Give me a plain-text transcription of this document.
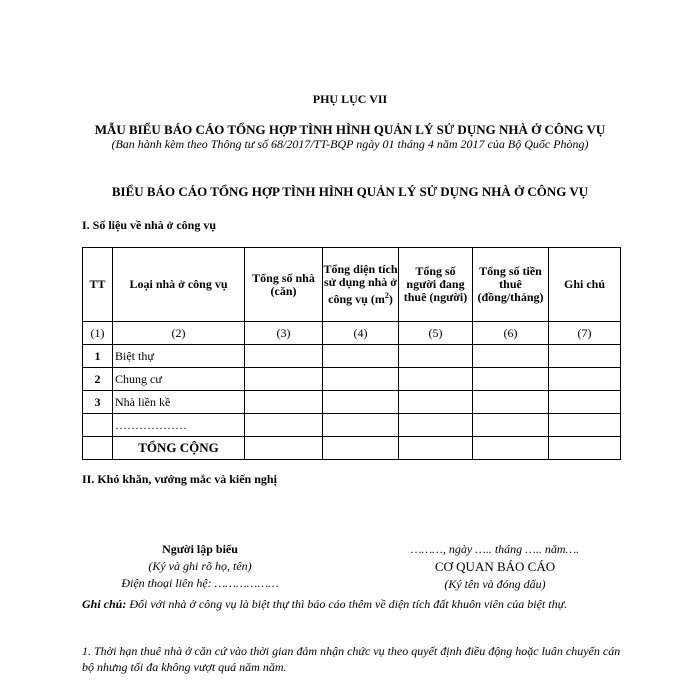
PHỤ LỤC VII
MẪU BIỂU BÁO CÁO TỔNG HỢP TÌNH HÌNH QUẢN LÝ SỬ DỤNG NHÀ Ở CÔNG VỤ
(Ban hành kèm theo Thông tư số 68/2017/TT-BQP ngày 01 tháng 4 năm 2017 của Bộ Quốc Phòng)
BIỂU BÁO CÁO TỔNG HỢP TÌNH HÌNH QUẢN LÝ SỬ DỤNG NHÀ Ở CÔNG VỤ
I. Số liệu về nhà ở công vụ
TT	Loại nhà ở công vụ	Tổng số nhà (căn)	Tổng diện tích sử dụng nhà ở công vụ $(m^2)$	Tổng số người đang thuê (người)	Tổng số tiền thuê (đồng/tháng)	Ghi chú
(1)	(2)	(3)	(4)	(5)	(6)	(7)
1	Biệt thự					
2	Chung cư					
3	Nhà liền kề					
	………………					
	TỔNG CỘNG					
II. Khó khăn, vướng mắc và kiến nghị
Người lập biểu
(Ký và ghi rõ họ, tên)
Điện thoại liên hệ: ………………
………, ngày ….. tháng ….. năm….
CƠ QUAN BÁO CÁO
(Ký tên và đóng dấu)
Ghi chú: Đối với nhà ở công vụ là biệt thự thì báo cáo thêm về diện tích đất khuôn viên của biệt thự.
1. Thời hạn thuê nhà ở căn cứ vào thời gian đảm nhận chức vụ theo quyết định điều động hoặc luân chuyển cán bộ nhưng tối đa không vượt quá năm năm.
